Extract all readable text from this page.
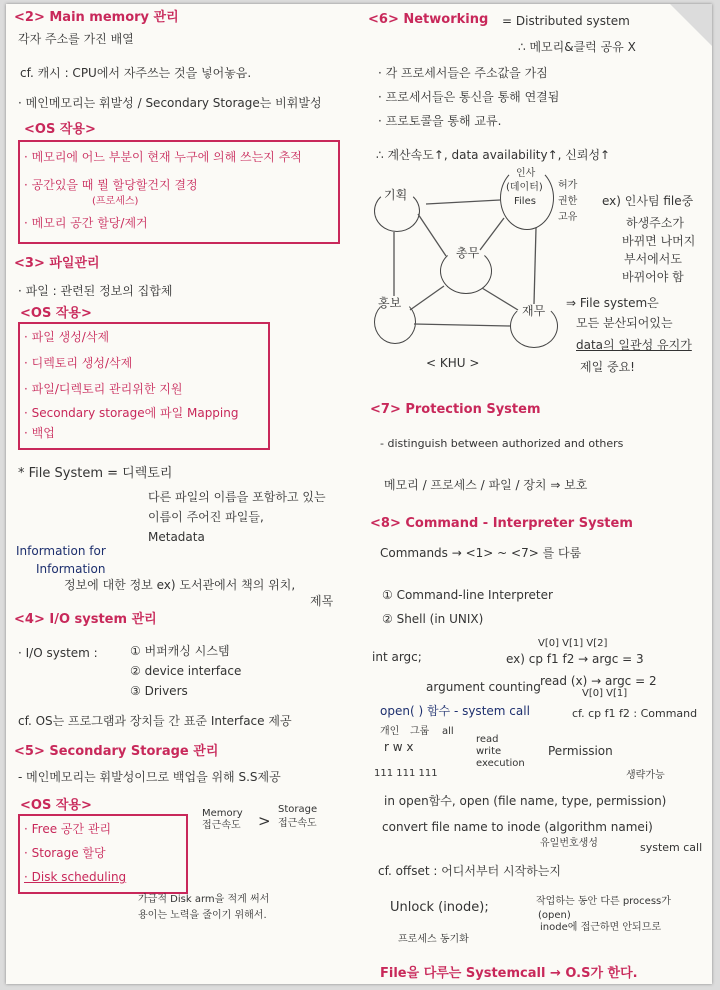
<2> Main memory 관리
각자 주소를 가진 배열
cf. 캐시 : CPU에서 자주쓰는 것을 넣어놓음.
· 메인메모리는 휘발성 / Secondary Storage는 비휘발성
<OS 작용>
· 메모리에 어느 부분이 현재 누구에 의해 쓰는지 추적
· 공간있을 때 뭘 할당할건지 결정
(프로세스)
· 메모리 공간 할당/제거
<3> 파일관리
· 파일 : 관련된 정보의 집합체
<OS 작용>
· 파일 생성/삭제
· 디렉토리 생성/삭제
· 파일/디렉토리 관리위한 지원
· Secondary storage에 파일 Mapping
· 백업
* File System = 디렉토리
다른 파일의 이름을 포함하고 있는
이름이 주어진 파일들,
Metadata
Information for
Information
정보에 대한 정보 ex) 도서관에서 책의 위치,
제목
<4> I/O system 관리
· I/O system :	① 버퍼캐싱 시스템
② device interface
③ Drivers
cf. OS는 프로그램과 장치들 간 표준 Interface 제공
<5> Secondary Storage 관리
- 메인메모리는 휘발성이므로 백업을 위해 S.S제공
<OS 작용>
Memory
접근속도 >
Storage
접근속도
· Free 공간 관리
· Storage 할당
· Disk scheduling
가급적 Disk arm을 적게 써서
용이는 노력을 줄이기 위해서.
<6> Networking = Distributed system
∴ 메모리&클럭 공유 X
· 각 프로세서들은 주소값을 가짐
· 프로세서들은 통신을 통해 연결됨
· 프로토콜을 통해 교류.
∴ 계산속도↑, data availability↑, 신뢰성↑
기획
인사
(데이터)
Files
허가
권한
고유
총무
홍보
재무
< KHU >
ex) 인사팀 file중
하생주소가
바뀌면 나머지
부서에서도
바뀌어야 함
⇒ File system은
모든 분산되어있는
data의 일관성 유지가
제일 중요!
<7> Protection System
- distinguish between authorized and others
메모리 / 프로세스 / 파일 / 장치 ⇒ 보호
<8> Command - Interpreter System
Commands → <1> ~ <7> 를 다룸
① Command-line Interpreter
② Shell (in UNIX)
int argc;
V[0] V[1] V[2]
ex) cp f1 f2 → argc = 3
read (x) → argc = 2
V[0] V[1]
argument counting
open( ) 함수 - system call	cf. cp f1 f2 : Command
개인 그룹 all
r w x
read
write
execution
Permission
111 111 111	생략가능
in open함수, open (file name, type, permission)
convert file name to inode (algorithm namei)
유일번호생성	system call
cf. offset : 어디서부터 시작하는지
Unlock (inode);	작업하는 동안 다른 process가
(open)
inode에 접근하면 안되므로
프로세스 동기화
File을 다루는 Systemcall → O.S가 한다.
